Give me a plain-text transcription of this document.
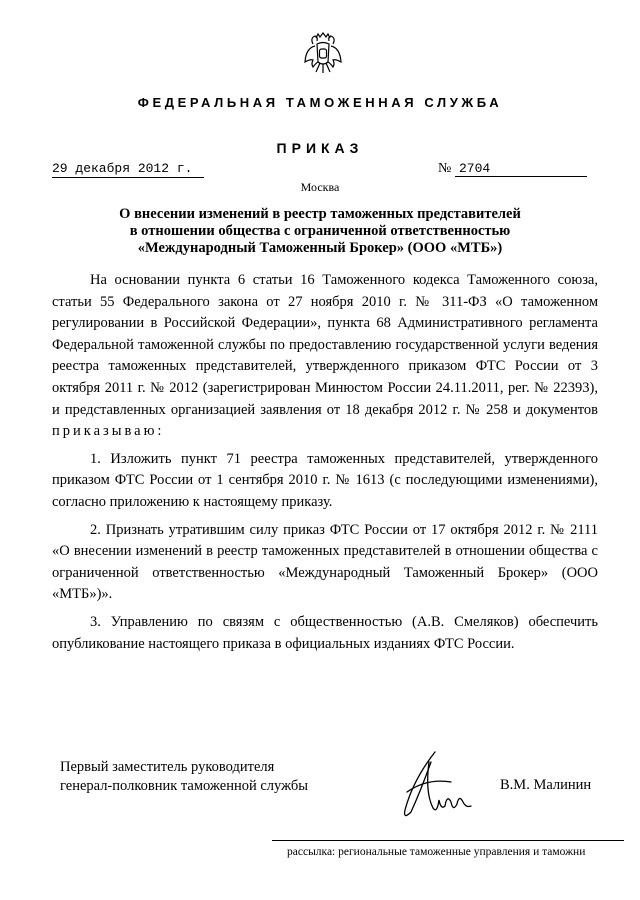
ФЕДЕРАЛЬНАЯ ТАМОЖЕННАЯ СЛУЖБА
ПРИКАЗ
29 декабря 2012 г.	№ 2704
Москва
О внесении изменений в реестр таможенных представителей
в отношении общества с ограниченной ответственностью
«Международный Таможенный Брокер» (ООО «МТБ»)

На основании пункта 6 статьи 16 Таможенного кодекса Таможенного союза, статьи 55 Федерального закона от 27 ноября 2010 г. № 311-ФЗ «О таможенном регулировании в Российской Федерации», пункта 68 Административного регламента Федеральной таможенной службы по предоставлению государственной услуги ведения реестра таможенных представителей, утвержденного приказом ФТС России от 3 октября 2011 г. № 2012 (зарегистрирован Минюстом России 24.11.2011, рег. № 22393), и представленных организацией заявления от 18 декабря 2012 г. № 258 и документов приказываю:

1. Изложить пункт 71 реестра таможенных представителей, утвержденного приказом ФТС России от 1 сентября 2010 г. № 1613 (с последующими изменениями), согласно приложению к настоящему приказу.

2. Признать утратившим силу приказ ФТС России от 17 октября 2012 г. № 2111 «О внесении изменений в реестр таможенных представителей в отношении общества с ограниченной ответственностью «Международный Таможенный Брокер» (ООО «МТБ»)».

3. Управлению по связям с общественностью (А.В. Смеляков) обеспечить опубликование настоящего приказа в официальных изданиях ФТС России.

Первый заместитель руководителя
генерал-полковник таможенной службы	В.М. Малинин
рассылка: региональные таможенные управления и таможни
